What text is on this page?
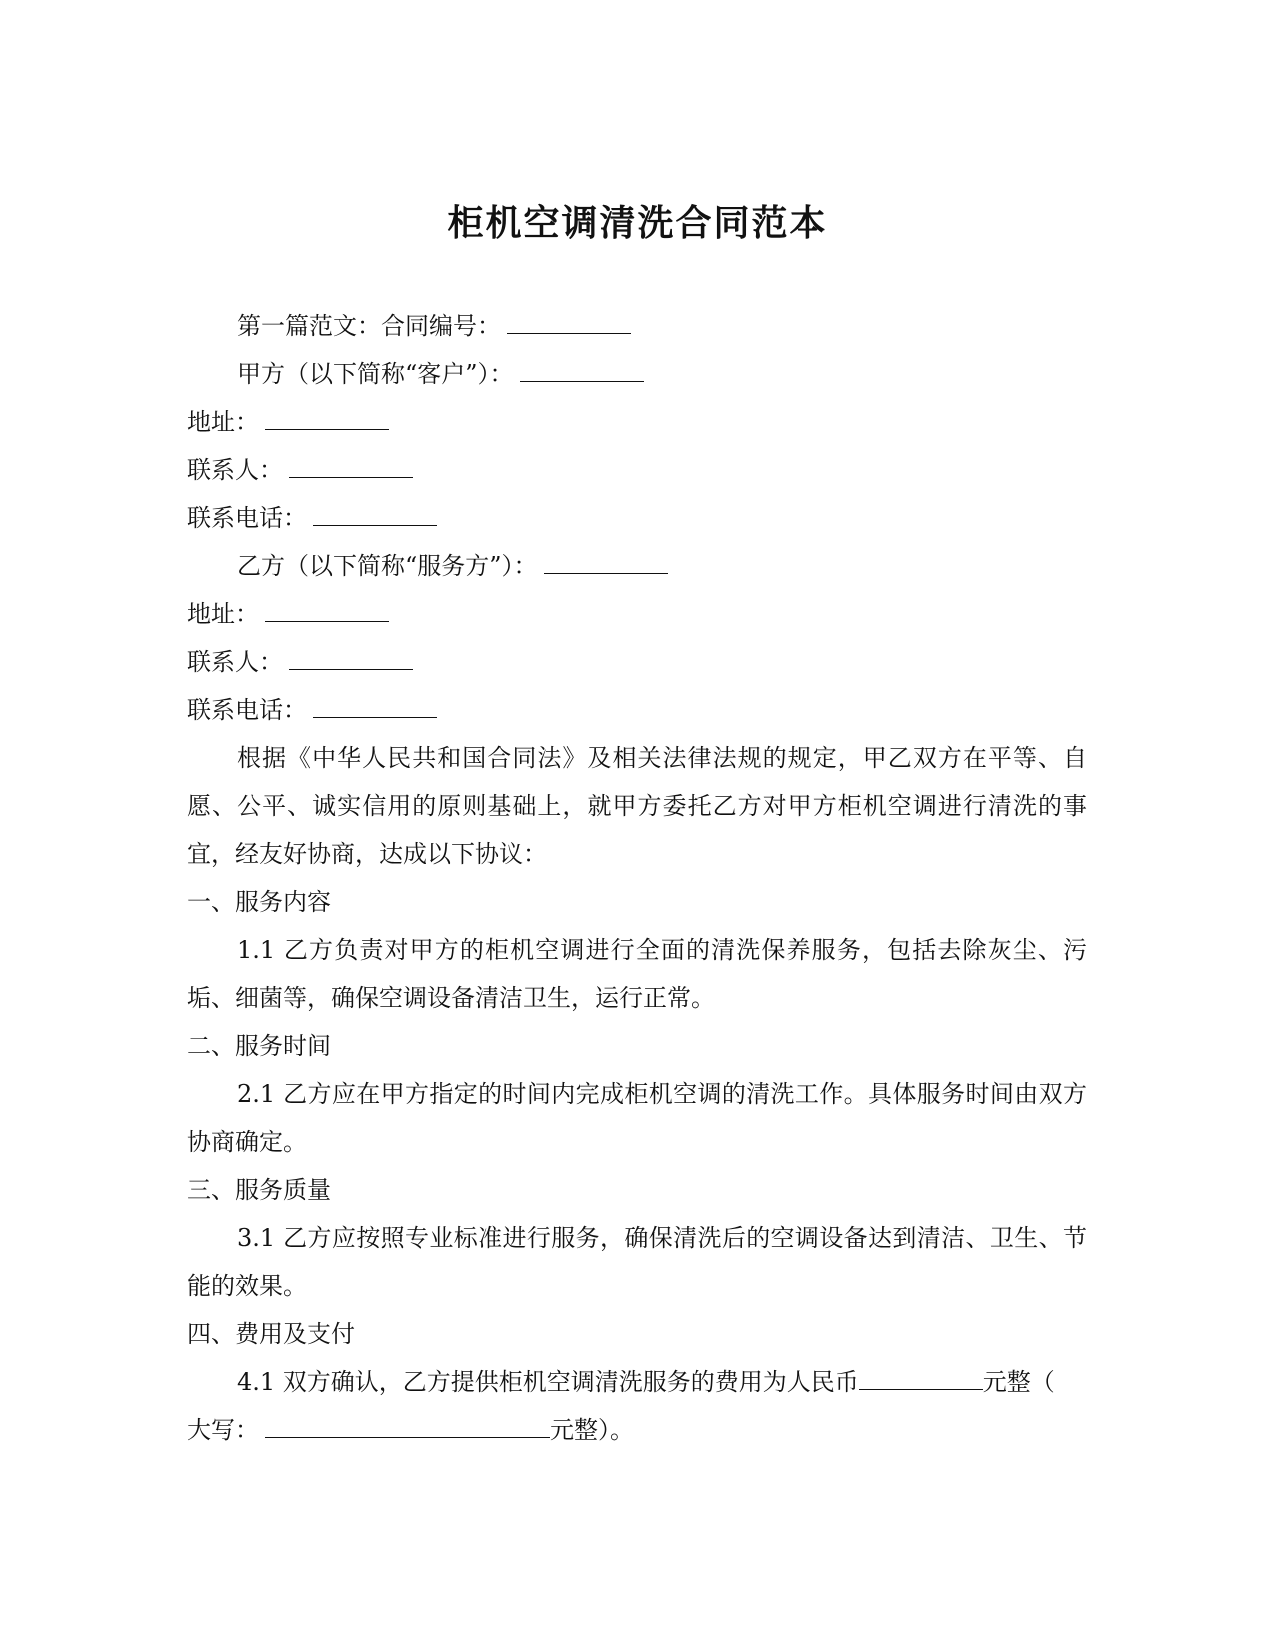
柜机空调清洗合同范本
第一篇范文：合同编号：
甲方（以下简称“客户”）：
地址：
联系人：
联系电话：
乙方（以下简称“服务方”）：
地址：
联系人：
联系电话：

根据《中华人民共和国合同法》及相关法律法规的规定，甲乙双方在平等、自愿、公平、诚实信用的原则基础上，就甲方委托乙方对甲方柜机空调进行清洗的事宜，经友好协商，达成以下协议：

一、服务内容

1.1 乙方负责对甲方的柜机空调进行全面的清洗保养服务，包括去除灰尘、污垢、细菌等，确保空调设备清洁卫生，运行正常。

二、服务时间

2.1 乙方应在甲方指定的时间内完成柜机空调的清洗工作。具体服务时间由双方协商确定。

三、服务质量

3.1 乙方应按照专业标准进行服务，确保清洗后的空调设备达到清洁、卫生、节能的效果。

四、费用及支付
4.1 双方确认，乙方提供柜机空调清洗服务的费用为人民币	元整（
大写：	元整）。
